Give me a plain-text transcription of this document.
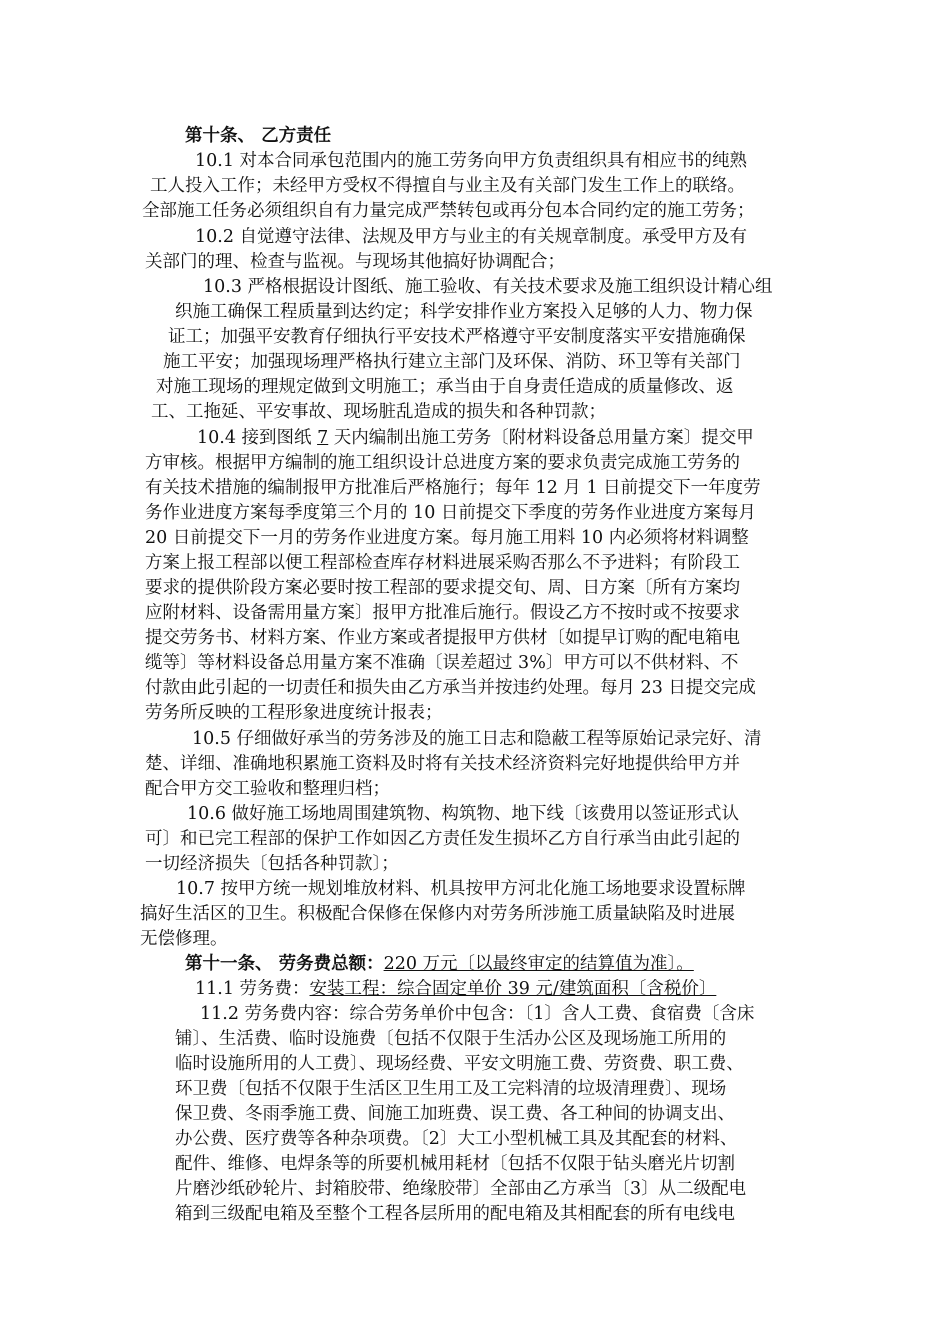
第十条、 乙方责任
10.1 对本合同承包范围内的施工劳务向甲方负责组织具有相应书的纯熟
工人投入工作；未经甲方受权不得擅自与业主及有关部门发生工作上的联络。
全部施工任务必须组织自有力量完成严禁转包或再分包本合同约定的施工劳务；
10.2 自觉遵守法律、法规及甲方与业主的有关规章制度。承受甲方及有
关部门的理、检查与监视。与现场其他搞好协调配合；
10.3 严格根据设计图纸、施工验收、有关技术要求及施工组织设计精心组
织施工确保工程质量到达约定；科学安排作业方案投入足够的人力、物力保
证工；加强平安教育仔细执行平安技术严格遵守平安制度落实平安措施确保
施工平安；加强现场理严格执行建立主部门及环保、消防、环卫等有关部门
对施工现场的理规定做到文明施工；承当由于自身责任造成的质量修改、返
工、工拖延、平安事故、现场脏乱造成的损失和各种罚款；
10.4 接到图纸 7 天内编制出施工劳务〔附材料设备总用量方案〕提交甲
方审核。根据甲方编制的施工组织设计总进度方案的要求负责完成施工劳务的
有关技术措施的编制报甲方批准后严格施行；每年 12 月 1 日前提交下一年度劳
务作业进度方案每季度第三个月的 10 日前提交下季度的劳务作业进度方案每月
20 日前提交下一月的劳务作业进度方案。每月施工用料 10 内必须将材料调整
方案上报工程部以便工程部检查库存材料进展采购否那么不予进料；有阶段工
要求的提供阶段方案必要时按工程部的要求提交旬、周、日方案〔所有方案均
应附材料、设备需用量方案〕报甲方批准后施行。假设乙方不按时或不按要求
提交劳务书、材料方案、作业方案或者提报甲方供材〔如提早订购的配电箱电
缆等〕等材料设备总用量方案不准确〔误差超过 3%〕甲方可以不供材料、不
付款由此引起的一切责任和损失由乙方承当并按违约处理。每月 23 日提交完成
劳务所反映的工程形象进度统计报表；
10.5 仔细做好承当的劳务涉及的施工日志和隐蔽工程等原始记录完好、清
楚、详细、准确地积累施工资料及时将有关技术经济资料完好地提供给甲方并
配合甲方交工验收和整理归档；
10.6 做好施工场地周围建筑物、构筑物、地下线〔该费用以签证形式认
可〕和已完工程部的保护工作如因乙方责任发生损坏乙方自行承当由此引起的
一切经济损失〔包括各种罚款〕；
10.7 按甲方统一规划堆放材料、机具按甲方河北化施工场地要求设置标牌
搞好生活区的卫生。积极配合保修在保修内对劳务所涉施工质量缺陷及时进展
无偿修理。
第十一条、 劳务费总额：220 万元〔以最终审定的结算值为准〕。
11.1 劳务费：安装工程：综合固定单价 39 元/建筑面积〔含税价〕
11.2 劳务费内容：综合劳务单价中包含：〔1〕含人工费、食宿费〔含床
铺〕、生活费、临时设施费〔包括不仅限于生活办公区及现场施工所用的
临时设施所用的人工费〕、现场经费、平安文明施工费、劳资费、职工费、
环卫费〔包括不仅限于生活区卫生用工及工完料清的垃圾清理费〕、现场
保卫费、冬雨季施工费、间施工加班费、误工费、各工种间的协调支出、
办公费、医疗费等各种杂项费。〔2〕大工小型机械工具及其配套的材料、
配件、维修、电焊条等的所要机械用耗材〔包括不仅限于钻头磨光片切割
片磨沙纸砂轮片、封箱胶带、绝缘胶带〕全部由乙方承当〔3〕从二级配电
箱到三级配电箱及至整个工程各层所用的配电箱及其相配套的所有电线电
